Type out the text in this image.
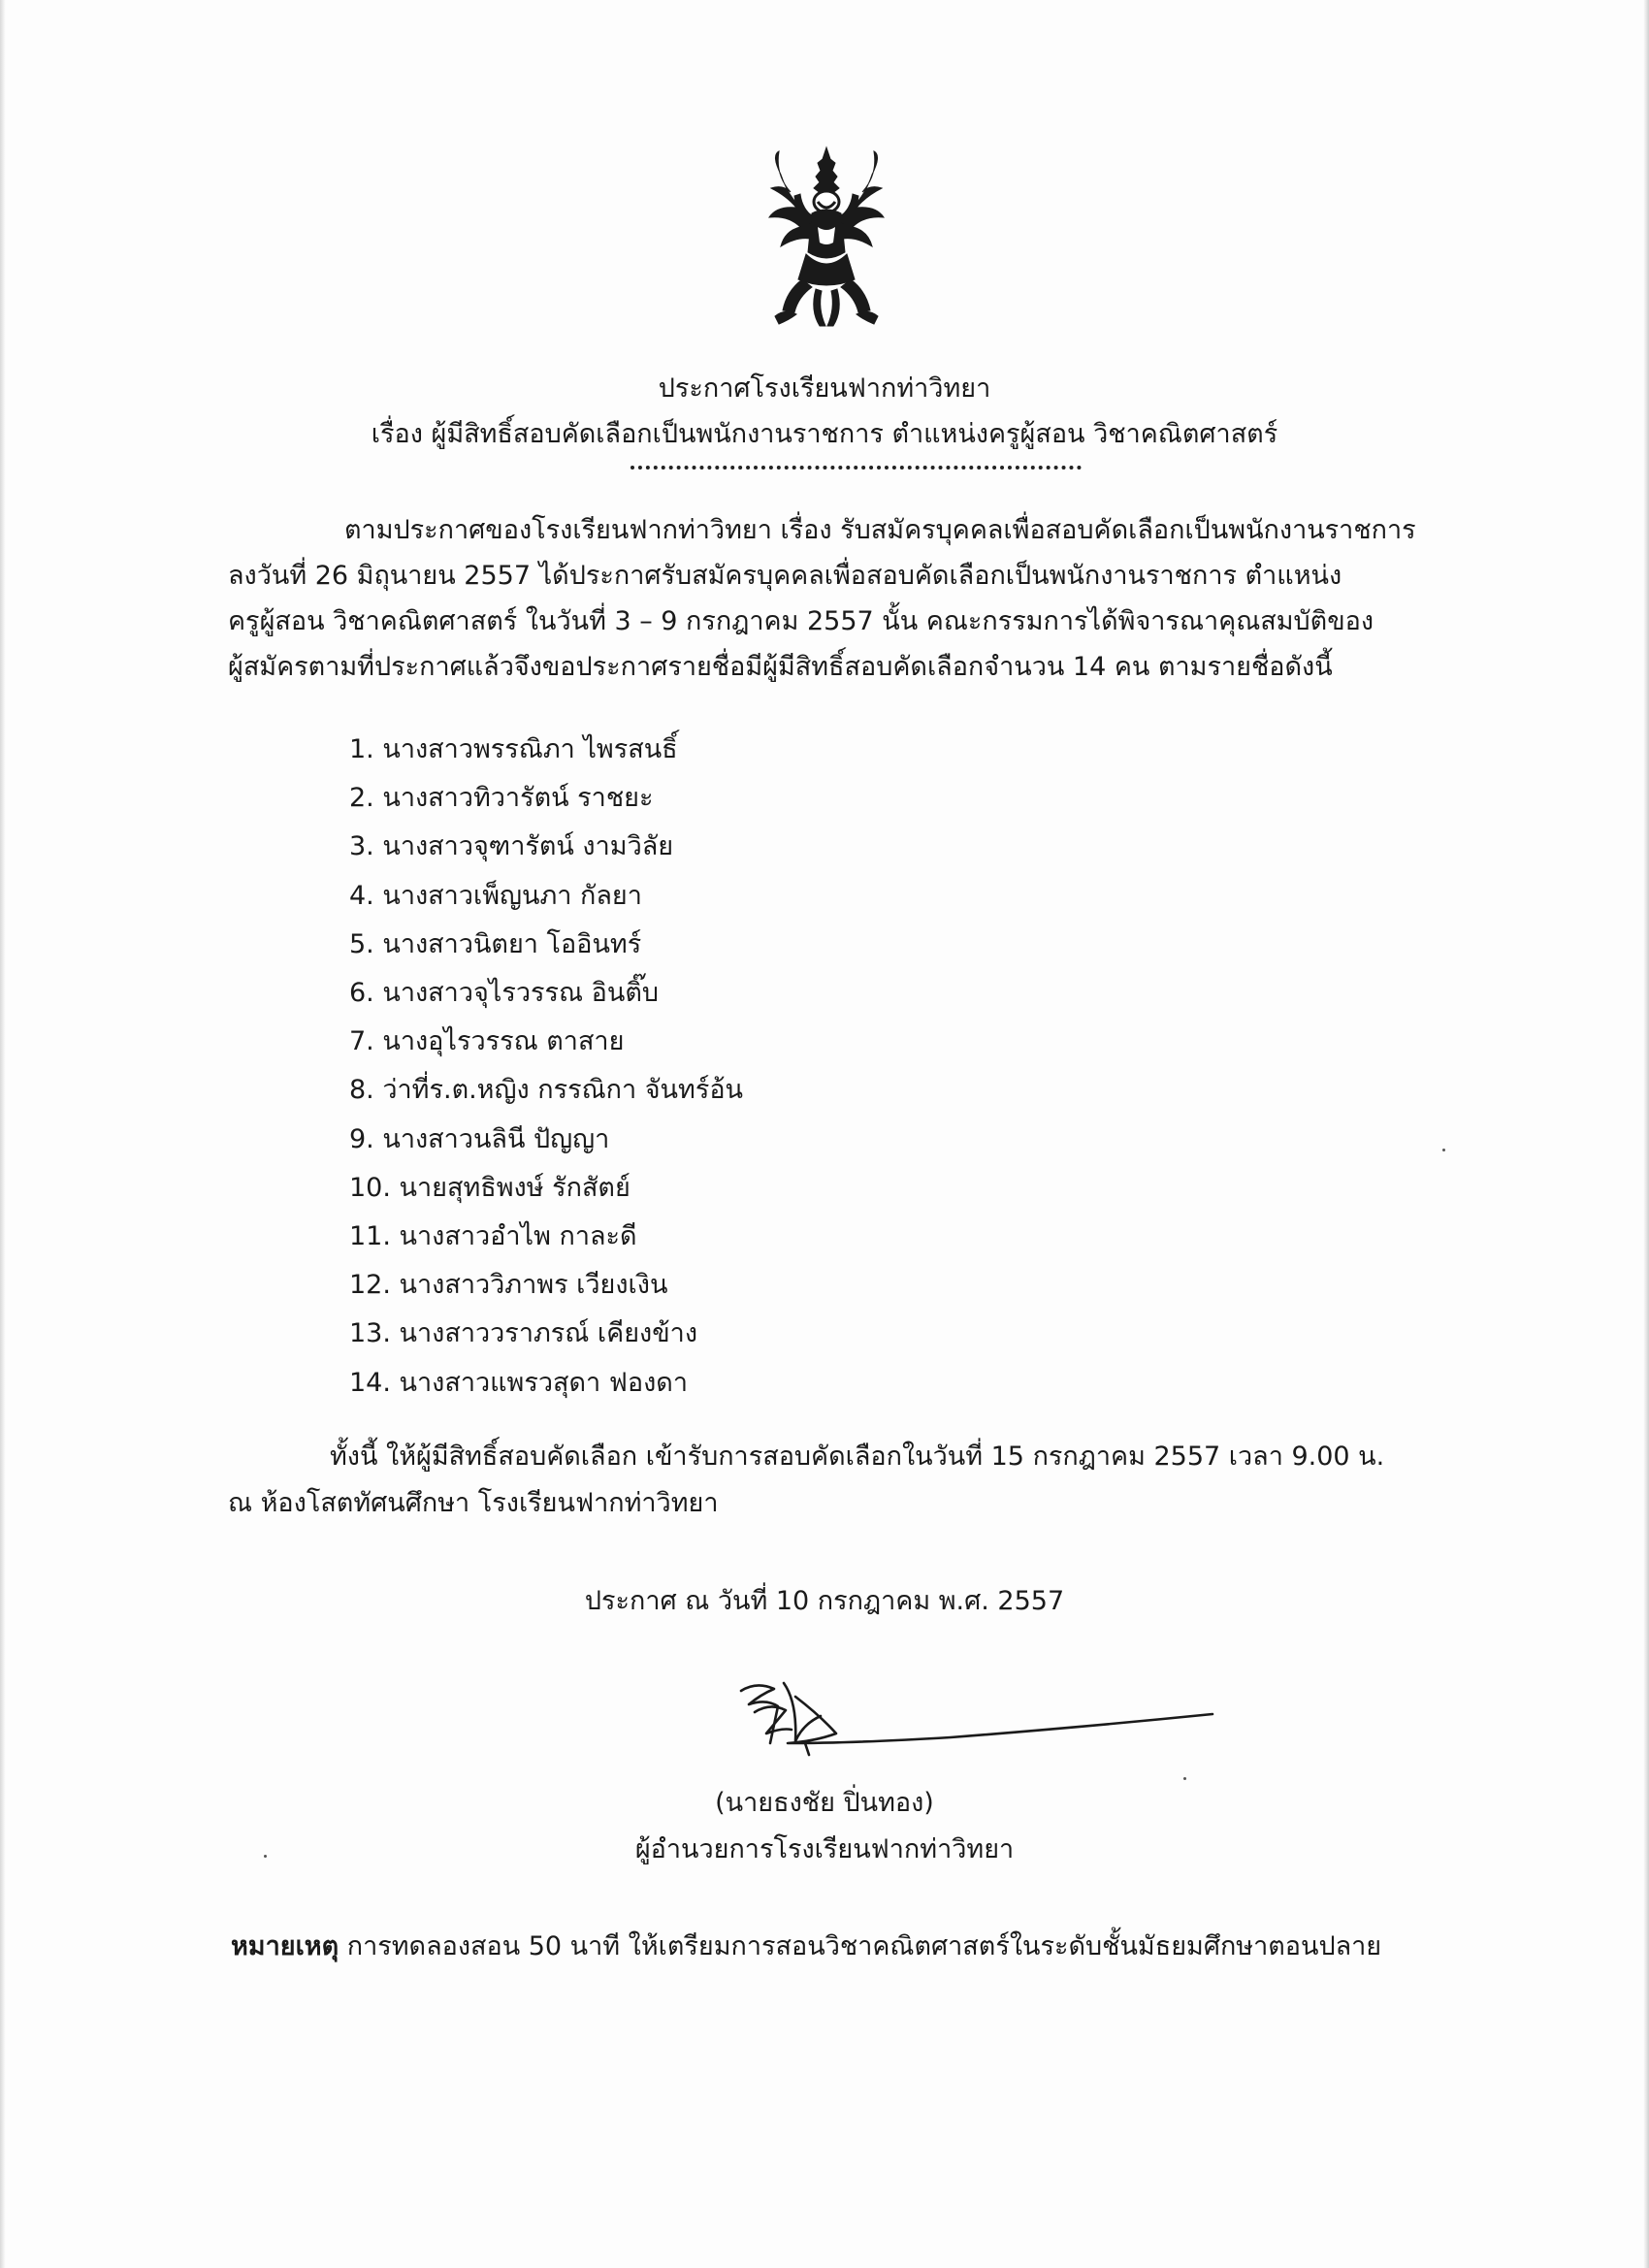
ประกาศโรงเรียนฟากท่าวิทยา
เรื่อง ผู้มีสิทธิ์สอบคัดเลือกเป็นพนักงานราชการ ตำแหน่งครูผู้สอน วิชาคณิตศาสตร์
ตามประกาศของโรงเรียนฟากท่าวิทยา เรื่อง รับสมัครบุคคลเพื่อสอบคัดเลือกเป็นพนักงานราชการ
ลงวันที่ 26 มิถุนายน 2557 ได้ประกาศรับสมัครบุคคลเพื่อสอบคัดเลือกเป็นพนักงานราชการ ตำแหน่ง
ครูผู้สอน วิชาคณิตศาสตร์ ในวันที่ 3 – 9 กรกฎาคม 2557 นั้น คณะกรรมการได้พิจารณาคุณสมบัติของ
ผู้สมัครตามที่ประกาศแล้วจึงขอประกาศรายชื่อมีผู้มีสิทธิ์สอบคัดเลือกจำนวน 14 คน ตามรายชื่อดังนี้
1. นางสาวพรรณิภา ไพรสนธิ์
2. นางสาวทิวารัตน์ ราชยะ
3. นางสาวจุฑารัตน์ งามวิลัย
4. นางสาวเพ็ญนภา กัลยา
5. นางสาวนิตยา โออินทร์
6. นางสาวจุไรวรรณ อินติ๊บ
7. นางอุไรวรรณ ตาสาย
8. ว่าที่ร.ต.หญิง กรรณิกา จันทร์อ้น
9. นางสาวนลินี ปัญญา
10. นายสุทธิพงษ์ รักสัตย์
11. นางสาวอำไพ กาละดี
12. นางสาววิภาพร เวียงเงิน
13. นางสาววราภรณ์ เคียงข้าง
14. นางสาวแพรวสุดา ฟองดา
ทั้งนี้ ให้ผู้มีสิทธิ์สอบคัดเลือก เข้ารับการสอบคัดเลือกในวันที่ 15 กรกฎาคม 2557 เวลา 9.00 น.
ณ ห้องโสตทัศนศึกษา โรงเรียนฟากท่าวิทยา
ประกาศ ณ วันที่ 10 กรกฎาคม พ.ศ. 2557
(นายธงชัย ปิ่นทอง)
ผู้อำนวยการโรงเรียนฟากท่าวิทยา
หมายเหตุ การทดลองสอน 50 นาที ให้เตรียมการสอนวิชาคณิตศาสตร์ในระดับชั้นมัธยมศึกษาตอนปลาย
